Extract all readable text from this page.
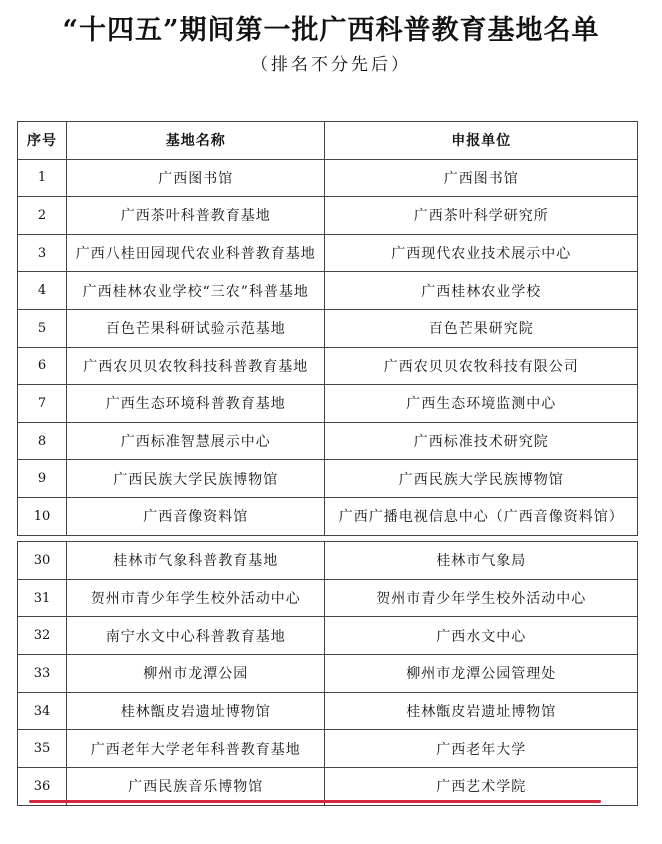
“十四五”期间第一批广西科普教育基地名单
（排名不分先后）
序号	基地名称	申报单位
1	广西图书馆	广西图书馆
2	广西茶叶科普教育基地	广西茶叶科学研究所
3	广西八桂田园现代农业科普教育基地	广西现代农业技术展示中心
4	广西桂林农业学校“三农”科普基地	广西桂林农业学校
5	百色芒果科研试验示范基地	百色芒果研究院
6	广西农贝贝农牧科技科普教育基地	广西农贝贝农牧科技有限公司
7	广西生态环境科普教育基地	广西生态环境监测中心
8	广西标准智慧展示中心	广西标准技术研究院
9	广西民族大学民族博物馆	广西民族大学民族博物馆
10	广西音像资料馆	广西广播电视信息中心（广西音像资料馆）
30	桂林市气象科普教育基地	桂林市气象局
31	贺州市青少年学生校外活动中心	贺州市青少年学生校外活动中心
32	南宁水文中心科普教育基地	广西水文中心
33	柳州市龙潭公园	柳州市龙潭公园管理处
34	桂林甑皮岩遗址博物馆	桂林甑皮岩遗址博物馆
35	广西老年大学老年科普教育基地	广西老年大学
36	广西民族音乐博物馆	广西艺术学院
